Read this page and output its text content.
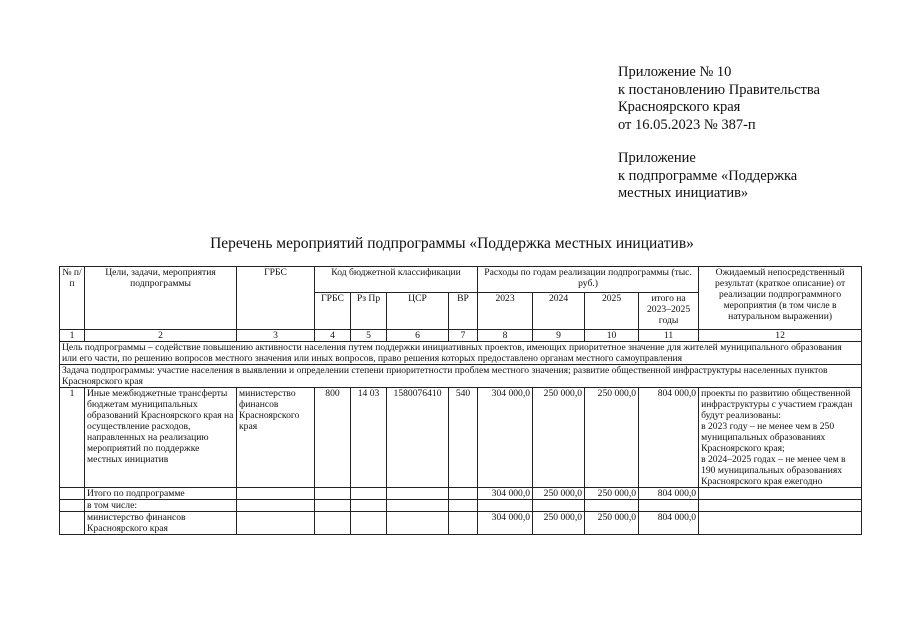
Приложение № 10
к постановлению Правительства
Красноярского края
от 16.05.2023 № 387-п
Приложение
к подпрограмме «Поддержка
местных инициатив»
Перечень мероприятий подпрограммы «Поддержка местных инициатив»
№ п/п	Цели, задачи, мероприятия подпрограммы	ГРБС	Код бюджетной классификации				Расходы по годам реализации подпрограммы (тыс. руб.)				Ожидаемый непосредственный результат (краткое описание) от реализации подпрограммного мероприятия (в том числе в натуральном выражении)
			ГРБС	Рз Пр	ЦСР	ВР	2023	2024	2025	итого на 2023–2025 годы	
1	2	3	4	5	6	7	8	9	10	11	12
Цель подпрограммы – содействие повышению активности населения путем поддержки инициативных проектов, имеющих приоритетное значение для жителей муниципального образования или его части, по решению вопросов местного значения или иных вопросов, право решения которых предоставлено органам местного самоуправления											
Задача подпрограммы: участие населения в выявлении и определении степени приоритетности проблем местного значения; развитие общественной инфраструктуры населенных пунктов Красноярского края											
1	Иные межбюджетные трансферты бюджетам муниципальных образований Красноярского края на осуществление расходов, направленных на реализацию мероприятий по поддержке местных инициатив	министерство финансов Красноярского края	800	14 03	1580076410	540	304 000,0	250 000,0	250 000,0	804 000,0	проекты по развитию общественной инфраструктуры с участием граждан будут реализованы:
в 2023 году – не менее чем в 250 муниципальных образованиях Красноярского края;
в 2024–2025 годах – не менее чем в 190 муниципальных образованиях Красноярского края ежегодно

	Итого по подпрограмме						304 000,0	250 000,0	250 000,0	804 000,0	
	в том числе:										
	министерство финансов Красноярского края						304 000,0	250 000,0	250 000,0	804 000,0	
